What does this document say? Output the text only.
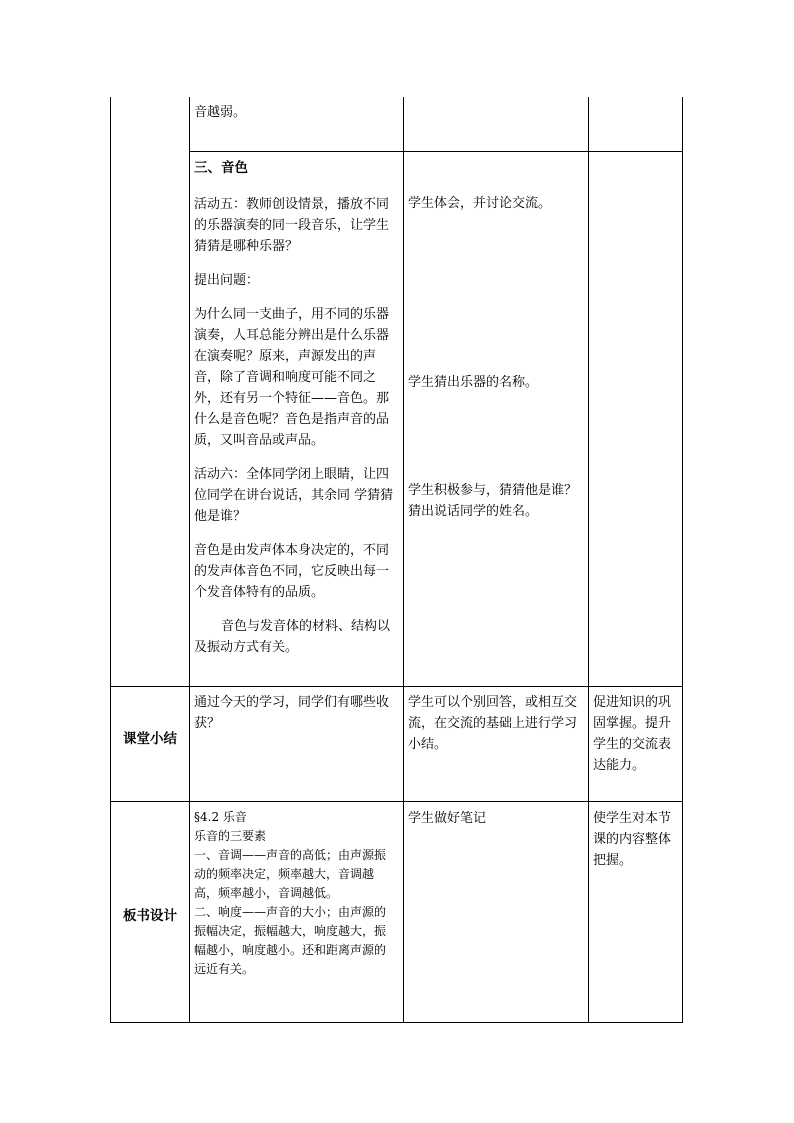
音越弱。

三、音色

活动五：教师创设情景，播放不同的乐器演奏的同一段音乐，让学生猜猜是哪种乐器？

提出问题：

为什么同一支曲子，用不同的乐器演奏，人耳总能分辨出是什么乐器在演奏呢？原来，声源发出的声音，除了音调和响度可能不同之外，还有另一个特征——音色。那什么是音色呢？音色是指声音的品质，又叫音品或声品。

活动六：全体同学闭上眼睛，让四位同学在讲台说话，其余同 学猜猜他是谁？

音色是由发声体本身决定的，不同的发声体音色不同，它反映出每一个发音体特有的品质。

音色与发音体的材料、结构以及振动方式有关。

学生体会，并讨论交流。

学生猜出乐器的名称。

学生积极参与，猜猜他是谁？猜出说话同学的姓名。

课堂小结

通过今天的学习，同学们有哪些收获？

学生可以个别回答，或相互交流，在交流的基础上进行学习小结。

促进知识的巩固掌握。提升学生的交流表达能力。

板书设计

§4.2 乐音

乐音的三要素

一、音调——声音的高低；由声源振动的频率决定，频率越大，音调越高，频率越小，音调越低。

二、响度——声音的大小；由声源的振幅决定，振幅越大，响度越大，振幅越小，响度越小。还和距离声源的远近有关。

学生做好笔记	使学生对本节课的内容整体把握。
